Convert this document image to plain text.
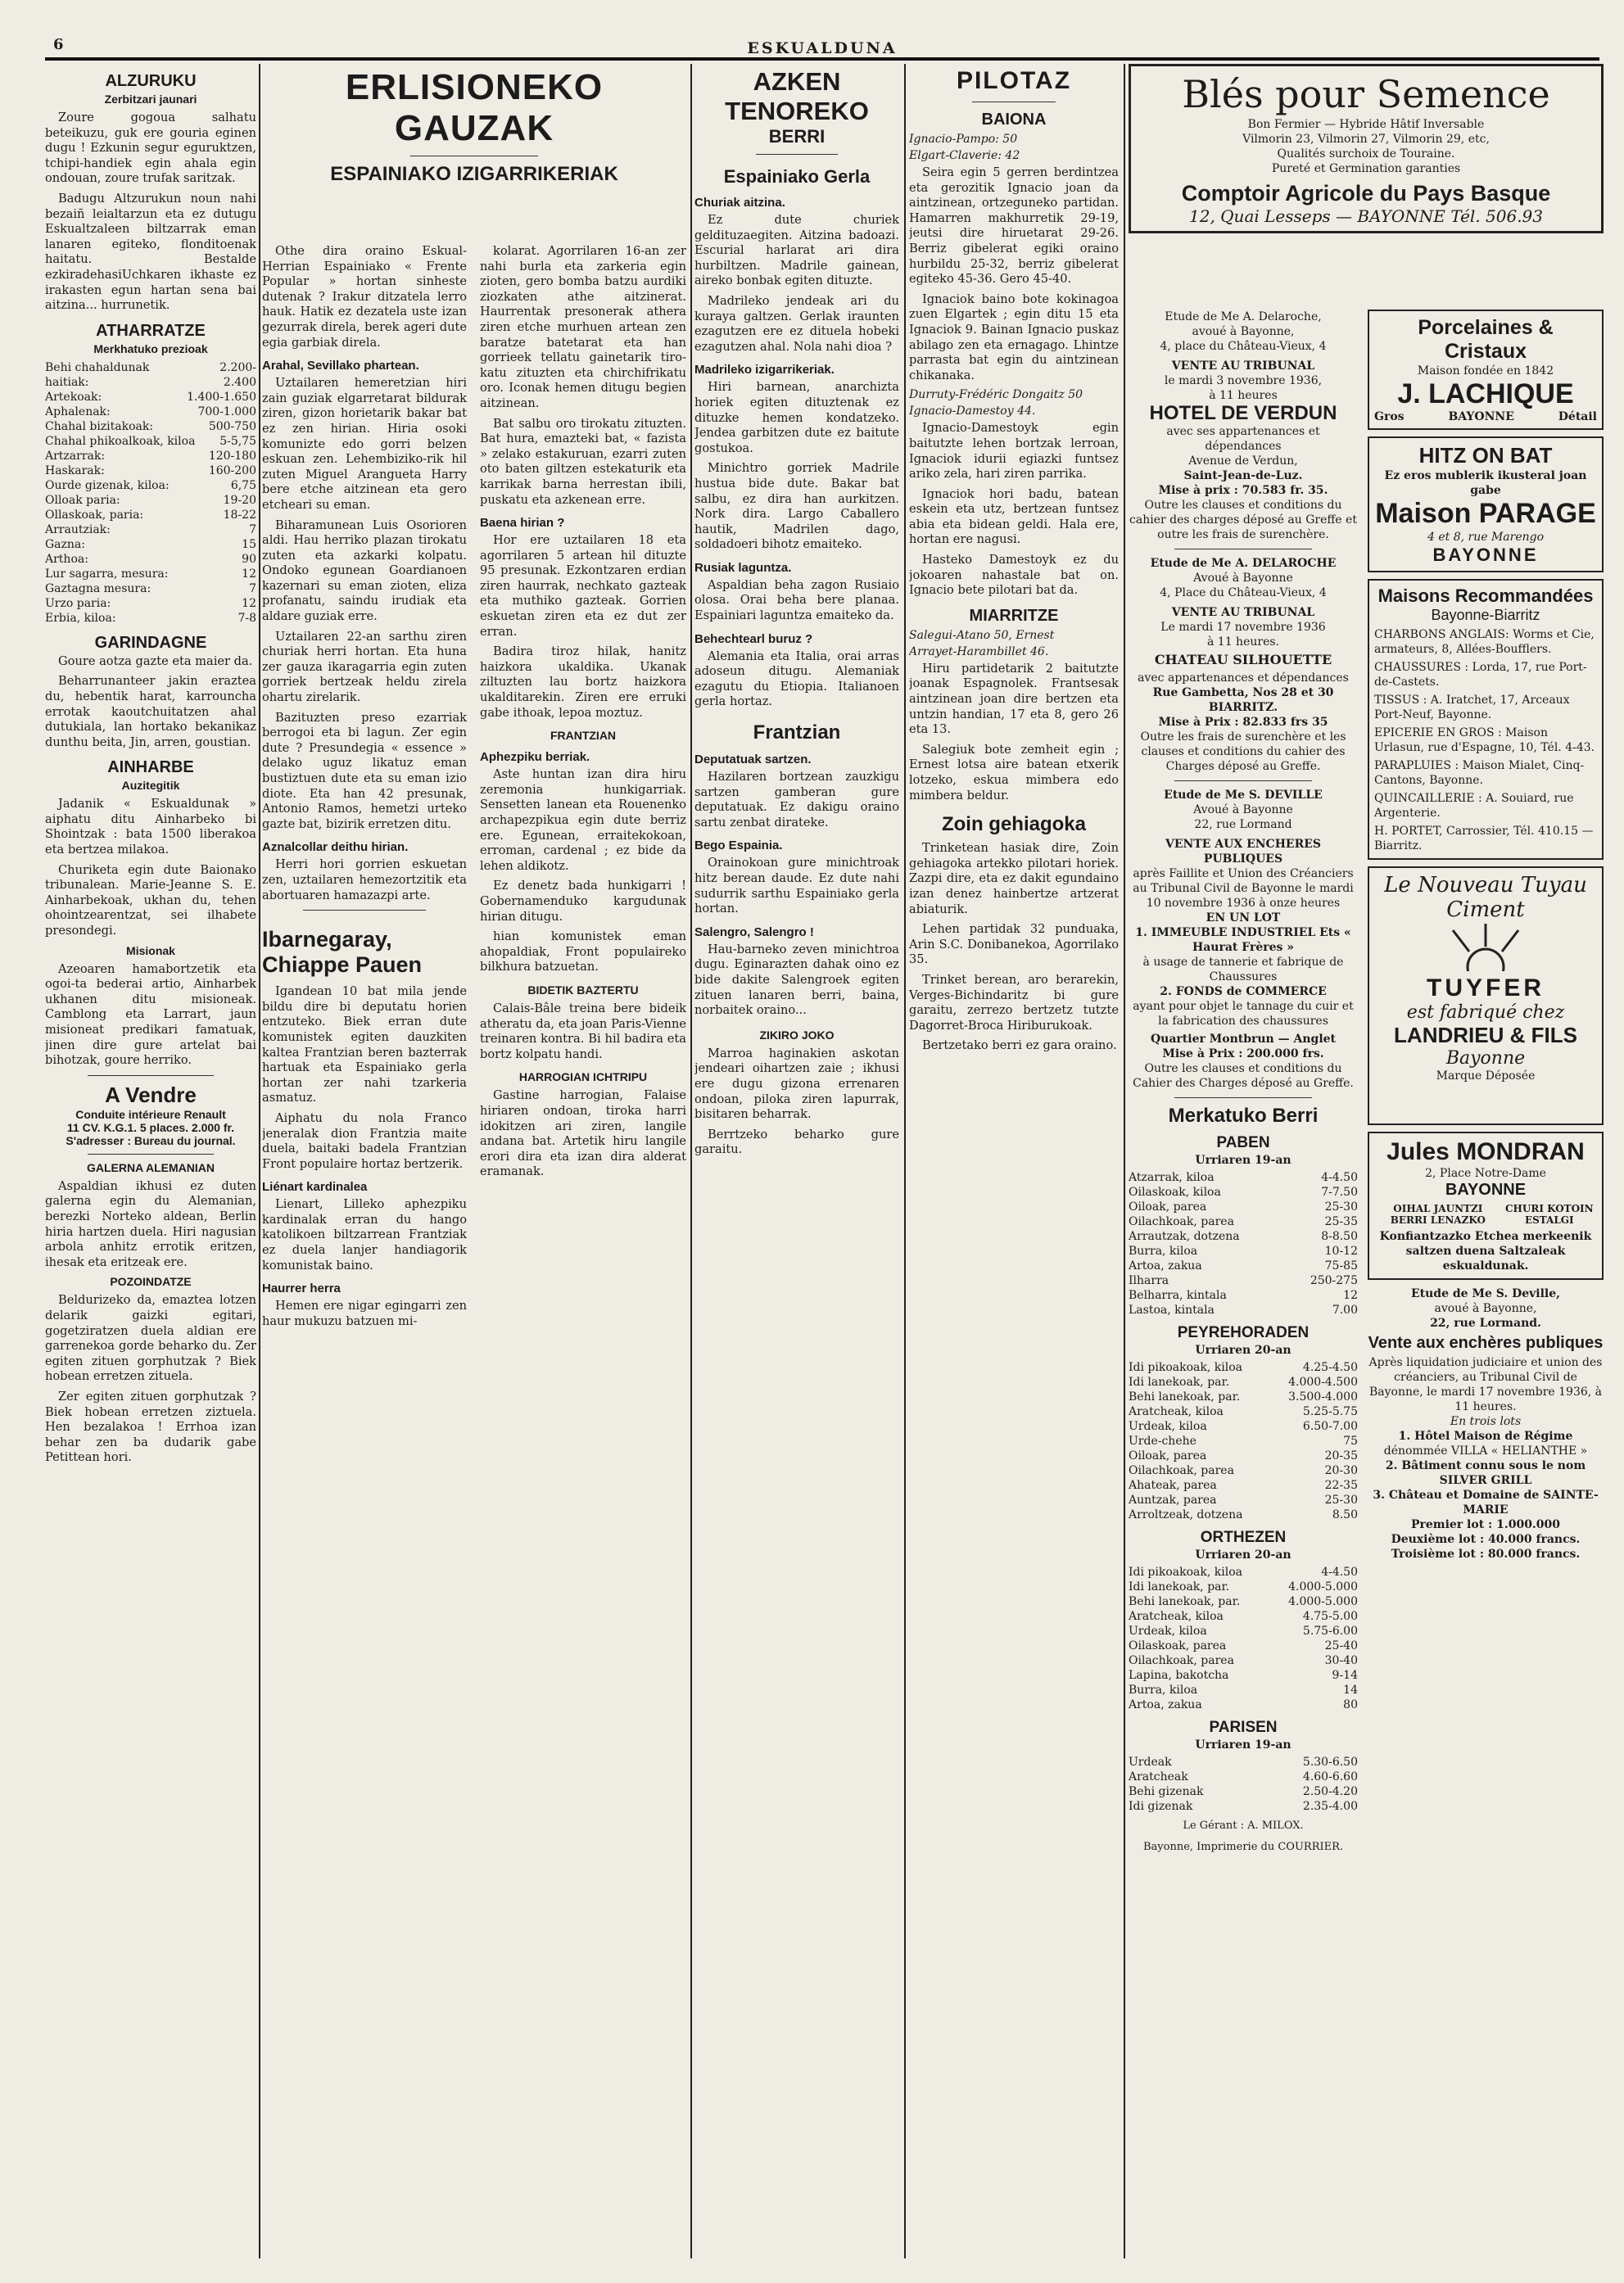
6	ESKUALDUNA
ALZURUKU
Zerbitzari jaunari

Zoure gogoua salhatu beteikuzu, guk ere gouria eginen dugu ! Ezkunin segur eguruktzen, tchipi-handiek egin ahala egin ondouan, zoure trufak saritzak.

Badugu Altzurukun noun nahi bezaiñ leialtarzun eta ez dutugu Eskualtzaleen biltzarrak eman lanaren egiteko, flonditoenak haitatu. Bestalde ezkiradehasiUchkaren ikhaste ez irakasten egun hartan sena bai aitzina... hurrunetik.

ATHARRATZE
Merkhatuko prezioak
Behi chahaldunak haitiak:
2.200-2.400
Artekoak:	1.400-1.650
Aphalenak:	700-1.000
Chahal bizitakoak:	500-750
Chahal phikoalkoak, kiloa 5-5,75
Artzarrak:	120-180
Haskarak:	160-200
Ourde gizenak, kiloa:	6,75
Olloak paria:	19-20
Ollaskoak, paria:	18-22
Arrautziak:	7
Gazna:	15
Arthoa:	90
Lur sagarra, mesura:	12
Gaztagna mesura:	7
Urzo paria:	12
Erbia, kiloa:	7-8
GARINDAGNE

Goure aotza gazte eta maier da.

Beharrunanteer jakin eraztea du, hebentik harat, karrouncha errotak kaoutchuitatzen ahal dutukiala, lan hortako bekanikaz dunthu beita, Jin, arren, goustian.

AINHARBE
Auzitegitik

Jadanik « Eskualdunak » aiphatu ditu Ainharbeko bi Shointzak : bata 1500 liberakoa eta bertzea milakoa.

Churiketa egin dute Baionako tribunalean. Marie-Jeanne S. E. Ainharbekoak, ukhan du, tehen ohointzearentzat, sei ilhabete presondegi.

Misionak

Azeoaren hamabortzetik eta ogoi-ta bederai artio, Ainharbek ukhanen ditu misioneak. Camblong eta Larrart, jaun misioneat predikari famatuak, jinen dire gure artelat bai bihotzak, goure herriko.

A Vendre
Conduite intérieure Renault
11 CV. K.G.1. 5 places. 2.000 fr.
S'adresser : Bureau du journal.
GALERNA ALEMANIAN

Aspaldian ikhusi ez duten galerna egin du Alemanian, berezki Norteko aldean, Berlin hiria hartzen duela. Hiri nagusian arbola anhitz errotik eritzen, ihesak eta eritzeak ere.

POZOINDATZE

Beldurizeko da, emaztea lotzen delarik gaizki egitari, gogetziratzen duela aldian ere garrenekoa gorde beharko du. Zer egiten zituen gorphutzak ? Biek hobean erretzen zituela.

Zer egiten zituen gorphutzak ? Biek hobean erretzen ziztuela. Hen bezalakoa ! Errhoa izan behar zen ba dudarik gabe Petittean hori.

ERLISIONEKO GAUZAK
ESPAINIAKO IZIGARRIKERIAK

Othe dira oraino Eskual-Herrian Espainiako « Frente Popular » hortan sinheste dutenak ? Irakur ditzatela lerro hauk. Hatik ez dezatela uste izan gezurrak direla, berek ageri dute egia garbiak direla.

Arahal, Sevillako phartean.

Uztailaren hemeretzian hiri zain guziak elgarretarat bildurak ziren, gizon horietarik bakar bat ez zen hirian. Hiria osoki komunizte edo gorri belzen eskuan zen. Lehembiziko-rik hil zuten Miguel Arangueta Harry bere etche aitzinean eta gero etcheari su eman.

Biharamunean Luis Osorioren aldi. Hau herriko plazan tirokatu zuten eta azkarki kolpatu. Ondoko egunean Goardianoen kazernari su eman zioten, eliza profanatu, saindu irudiak eta aldare guziak erre.

Uztailaren 22-an sarthu ziren churiak herri hortan. Eta huna zer gauza ikaragarria egin zuten gorriek bertzeak heldu zirela ohartu zirelarik.

Bazituzten preso ezarriak berrogoi eta bi lagun. Zer egin dute ? Presundegia « essence » delako uguz likatuz eman bustiztuen dute eta su eman izio diote. Eta han 42 presunak, Antonio Ramos, hemetzi urteko gazte bat, bizirik erretzen ditu.

Aznalcollar deithu hirian.

Herri hori gorrien eskuetan zen, uztailaren hemezortzitik eta abortuaren hamazazpi arte.

Ibarnegaray, Chiappe Pauen

Igandean 10 bat mila jende bildu dire bi deputatu horien entzuteko. Biek erran dute komunistek egiten dauzkiten kaltea Frantzian beren bazterrak hartuak eta Espainiako gerla hortan zer nahi tzarkeria asmatuz.

Aiphatu du nola Franco jeneralak dion Frantzia maite duela, baitaki badela Frantzian Front populaire hortaz bertzerik.

Liénart kardinalea

Lienart, Lilleko aphezpiku kardinalak erran du hango katolikoen biltzarrean Frantziak ez duela lanjer handiagorik komunistak baino.

Haurrer herra

Hemen ere nigar egingarri zen haur mukuzu batzuen mi-

kolarat. Agorrilaren 16-an zer nahi burla eta zarkeria egin zioten, gero bomba batzu aurdiki ziozkaten athe aitzinerat. Haurrentak presonerak athera ziren etche murhuen artean zen baratze batetarat eta han gorrieek tellatu gainetarik tiro-katu zituzten eta chirchifrikatu oro. Iconak hemen ditugu begien aitzinean.

Bat salbu oro tirokatu zituzten. Bat hura, emazteki bat, « fazista » zelako estakuruan, ezarri zuten oto baten giltzen estekaturik eta karrikak barna herrestan ibili, puskatu eta azkenean erre.

Baena hirian ?

Hor ere uztailaren 18 eta agorrilaren 5 artean hil dituzte 95 presunak. Ezkontzaren erdian ziren haurrak, nechkato gazteak eta muthiko gazteak. Gorrien eskuetan ziren eta ez dut zer erran.

Badira tiroz hilak, hanitz haizkora ukaldika. Ukanak ziltuzten lau bortz haizkora ukalditarekin. Ziren ere erruki gabe ithoak, lepoa moztuz.

FRANTZIAN
Aphezpiku berriak.

Aste huntan izan dira hiru zeremonia hunkigarriak. Sensetten lanean eta Rouenenko archapezpikua egin dute berriz ere. Egunean, erraitekokoan, erroman, cardenal ; ez bide da lehen aldikotz.

Ez denetz bada hunkigarri ! Gobernamenduko kargudunak hirian ditugu.

hian komunistek eman ahopaldiak, Front populaireko bilkhura batzuetan.

BIDETIK BAZTERTU

Calais-Bâle treina bere bideik atheratu da, eta joan Paris-Vienne treinaren kontra. Bi hil badira eta bortz kolpatu handi.

HARROGIAN ICHTRIPU

Gastine harrogian, Falaise hiriaren ondoan, tiroka harri idokitzen ari ziren, langile andana bat. Artetik hiru langile erori dira eta izan dira alderat eramanak.

AZKEN TENOREKO
BERRI
Espainiako Gerla
Churiak aitzina.

Ez dute churiek geldituzaegiten. Aitzina badoazi. Escurial harlarat ari dira hurbiltzen. Madrile gainean, aireko bonbak egiten dituzte.

Madrileko jendeak ari du kuraya galtzen. Gerlak iraunten ezagutzen ere ez dituela hobeki ezagutzen ahal. Nola nahi dioa ?

Madrileko izigarrikeriak.

Hiri barnean, anarchizta horiek egiten dituztenak ez dituzke hemen kondatzeko. Jendea garbitzen dute ez baitute gostukoa.

Minichtro gorriek Madrile hustua bide dute. Bakar bat salbu, ez dira han aurkitzen. Nork dira. Largo Caballero hautik, Madrilen dago, soldadoeri bihotz emaiteko.

Rusiak laguntza.

Aspaldian beha zagon Rusiaio olosa. Orai beha bere planaa. Espainiari laguntza emaiteko da.

Behechtearl buruz ?

Alemania eta Italia, orai arras adoseun ditugu. Alemaniak ezagutu du Etiopia. Italianoen gerla hortaz.

Frantzian
Deputatuak sartzen.

Hazilaren bortzean zauzkigu sartzen gamberan gure deputatuak. Ez dakigu oraino sartu zenbat dirateke.

Bego Espainia.

Orainokoan gure minichtroak hitz berean daude. Ez dute nahi sudurrik sarthu Espainiako gerla hortan.

Salengro, Salengro !

Hau-barneko zeven minichtroa dugu. Eginarazten dahak oino ez bide dakite Salengroek egiten zituen lanaren berri, baina, norbaitek oraino...

ZIKIRO JOKO

Marroa haginakien askotan jendeari oihartzen zaie ; ikhusi ere dugu gizona errenaren ondoan, piloka ziren lapurrak, bisitaren beharrak.

Berrtzeko beharko gure garaitu.

PILOTAZ
BAIONA
Ignacio-Pampo: 50
Elgart-Claverie: 42

Seira egin 5 gerren berdintzea eta gerozitik Ignacio joan da aintzinean, ortzeguneko partidan. Hamarren makhurretik 29-19, jeutsi dire hiruetarat 29-26. Berriz gibelerat egiki oraino hurbildu 25-32, berriz gibelerat egiteko 45-36. Gero 45-40.

Ignaciok baino bote kokinagoa zuen Elgartek ; egin ditu 15 eta Ignaciok 9. Bainan Ignacio puskaz abilago zen eta ernagago. Lhintze parrasta bat egin du aintzinean chikanaka.

Durruty-Frédéric Dongaitz 50
Ignacio-Damestoy 44.

Ignacio-Damestoyk egin baitutzte lehen bortzak lerroan, Ignaciok idurii egiazki funtsez ariko zela, hari ziren parrika.

Ignaciok hori badu, batean eskein eta utz, bertzean funtsez abia eta bidean geldi. Hala ere, hortan ere nagusi.

Hasteko Damestoyk ez du jokoaren nahastale bat on. Ignacio bete pilotari bat da.

MIARRITZE
Salegui-Atano 50, Ernest
Arrayet-Harambillet 46.

Hiru partidetarik 2 baitutzte joanak Espagnolek. Frantsesak aintzinean joan dire bertzen eta untzin handian, 17 eta 8, gero 26 eta 13.

Salegiuk bote zemheit egin ; Ernest lotsa aire batean etxerik lotzeko, eskua mimbera edo mimbera beldur.

Zoin gehiagoka

Trinketean hasiak dire, Zoin gehiagoka artekko pilotari horiek. Zazpi dire, eta ez dakit egundaino izan denez hainbertze artzerat abiaturik.

Lehen partidak 32 punduaka, Arin S.C. Donibanekoa, Agorrilako 35.

Trinket berean, aro berarekin, Verges-Bichindaritz bi gure garaitu, zerrezo bertzetz tutzte Dagorret-Broca Hiriburukoak.

Bertzetako berri ez gara oraino.

Blés pour Semence
Bon Fermier — Hybride Hâtif Inversable
Vilmorin 23, Vilmorin 27, Vilmorin 29, etc,
Qualités surchoix de Touraine.
Pureté et Germination garanties
Comptoir Agricole du Pays Basque
12, Quai Lesseps — BAYONNE Tél. 506.93
Etude de Me A. Delaroche,
avoué à Bayonne,
4, place du Château-Vieux, 4
VENTE AU TRIBUNAL
le mardi 3 novembre 1936,
à 11 heures
HOTEL DE VERDUN
avec ses appartenances et dépendances
Avenue de Verdun,

Saint-Jean-de-Luz.
Mise à prix : 70.583 fr. 35.
Outre les clauses et conditions du cahier des charges déposé au Greffe et outre les frais de surenchère.
Etude de Me A. DELAROCHE
Avoué à Bayonne
4, Place du Château-Vieux, 4
VENTE AU TRIBUNAL
Le mardi 17 novembre 1936
à 11 heures.
CHATEAU SILHOUETTE
avec appartenances et dépendances

Rue Gambetta, Nos 28 et 30
BIARRITZ.
Mise à Prix : 82.833 frs 35
Outre les frais de surenchère et les clauses et conditions du cahier des Charges déposé au Greffe.
Etude de Me S. DEVILLE
Avoué à Bayonne
22, rue Lormand
VENTE AUX ENCHERES PUBLIQUES
après Faillite et Union des Créanciers
au Tribunal Civil de Bayonne le mardi 10 novembre 1936 à onze heures
EN UN LOT
1. IMMEUBLE INDUSTRIEL Ets « Haurat Frères »
à usage de tannerie et fabrique de Chaussures
2. FONDS de COMMERCE
ayant pour objet le tannage du cuir et la fabrication des chaussures
Quartier Montbrun — Anglet
Mise à Prix : 200.000 frs.
Outre les clauses et conditions du Cahier des Charges déposé au Greffe.
Merkatuko Berri
PABEN
Urriaren 19-an
Atzarrak, kiloa	4-4.50
Oilaskoak, kiloa	7-7.50
Oiloak, parea	25-30
Oilachkoak, parea	25-35
Arrautzak, dotzena	8-8.50
Burra, kiloa	10-12
Artoa, zakua	75-85
Ilharra	250-275
Belharra, kintala	12
Lastoa, kintala	7.00
PEYREHORADEN
Urriaren 20-an
Idi pikoakoak, kiloa	4.25-4.50
Idi lanekoak, par.	4.000-4.500
Behi lanekoak, par.	3.500-4.000
Aratcheak, kiloa	5.25-5.75
Urdeak, kiloa	6.50-7.00
Urde-chehe	75
Oiloak, parea	20-35
Oilachkoak, parea	20-30
Ahateak, parea	22-35
Auntzak, parea	25-30
Arroltzeak, dotzena	8.50
ORTHEZEN
Urriaren 20-an
Idi pikoakoak, kiloa	4-4.50
Idi lanekoak, par.	4.000-5.000
Behi lanekoak, par.	4.000-5.000
Aratcheak, kiloa	4.75-5.00
Urdeak, kiloa	5.75-6.00
Oilaskoak, parea	25-40
Oilachkoak, parea	30-40
Lapina, bakotcha	9-14
Burra, kiloa	14
Artoa, zakua	80
PARISEN
Urriaren 19-an
Urdeak	5.30-6.50
Aratcheak	4.60-6.60
Behi gizenak	2.50-4.20
Idi gizenak	2.35-4.00
Le Gérant : A. MILOX.
Bayonne, Imprimerie du COURRIER.
Porcelaines & Cristaux
Maison fondée en 1842
J. LACHIQUE
Gros	BAYONNE	Détail
HITZ ON BAT
Ez eros mublerik ikusteral joan gabe
Maison PARAGE
4 et 8, rue Marengo
BAYONNE
Maisons Recommandées
Bayonne-Biarritz
CHARBONS ANGLAIS: Worms et Cie, armateurs, 8, Allées-Boufflers.
CHAUSSURES : Lorda, 17, rue Port-de-Castets.
TISSUS : A. Iratchet, 17, Arceaux Port-Neuf, Bayonne.
EPICERIE EN GROS : Maison Urlasun, rue d'Espagne, 10, Tél. 4-43.
PARAPLUIES : Maison Mialet, Cinq-Cantons, Bayonne.
QUINCAILLERIE : A. Souiard, rue Argenterie.
H. PORTET, Carrossier, Tél. 410.15 — Biarritz.
Le Nouveau Tuyau Ciment
TUYFER
est fabriqué chez
LANDRIEU & FILS
Bayonne
Marque Déposée
Jules MONDRAN
2, Place Notre-Dame
BAYONNE
OIHAL JAUNTZI BERRI LENAZKO
CHURI KOTOIN ESTALGI
Konfiantzazko Etchea merkeenik saltzen duena Saltzaleak eskualdunak.
Etude de Me S. Deville,
avoué à Bayonne,

22, rue Lormand.
Vente aux enchères publiques
Après liquidation judiciaire et union des créanciers, au Tribunal Civil de Bayonne, le mardi 17 novembre 1936, à 11 heures.
En trois lots
1. Hôtel Maison de Régime
dénommée VILLA « HELIANTHE »
2. Bâtiment connu sous le nom SILVER GRILL
3. Château et Domaine de SAINTE-MARIE
Premier lot : 1.000.000
Deuxième lot : 40.000 francs.
Troisième lot : 80.000 francs.
